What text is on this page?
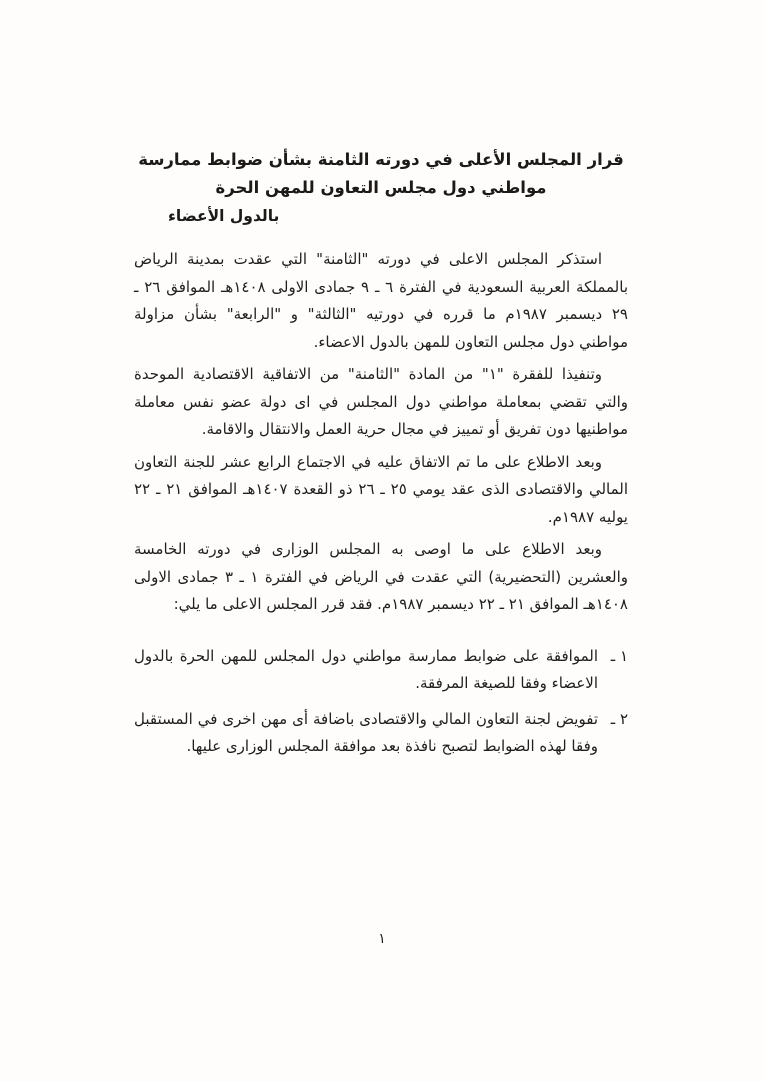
قرار المجلس الأعلى في دورته الثامنة بشأن ضوابط ممارسة
مواطني دول مجلس التعاون للمهن الحرة
بالدول الأعضاء

استذكر المجلس الاعلى في دورته "الثامنة" التي عقدت بمدينة الرياض بالمملكة العربية السعودية في الفترة ٦ ـ ٩ جمادى الاولى ١٤٠٨هـ الموافق ٢٦ ـ ٢٩ ديسمبر ١٩٨٧م ما قرره في دورتيه "الثالثة" و "الرابعة" بشأن مزاولة مواطني دول مجلس التعاون للمهن بالدول الاعضاء.

وتنفيذا للفقرة "١" من المادة "الثامنة" من الاتفاقية الاقتصادية الموحدة والتي تقضي بمعاملة مواطني دول المجلس في اى دولة عضو نفس معاملة مواطنيها دون تفريق أو تمييز في مجال حرية العمل والانتقال والاقامة.

وبعد الاطلاع على ما تم الاتفاق عليه في الاجتماع الرابع عشر للجنة التعاون المالي والاقتصادى الذى عقد يومي ٢٥ ـ ٢٦ ذو القعدة ١٤٠٧هـ الموافق ٢١ ـ ٢٢ يوليه ١٩٨٧م.

وبعد الاطلاع على ما اوصى به المجلس الوزارى في دورته الخامسة والعشرين (التحضيرية) التي عقدت في الرياض في الفترة ١ ـ ٣ جمادى الاولى ١٤٠٨هـ الموافق ٢١ ـ ٢٢ ديسمبر ١٩٨٧م. فقد قرر المجلس الاعلى ما يلي:

١ ـ
الموافقة على ضوابط ممارسة مواطني دول المجلس للمهن الحرة بالدول الاعضاء وفقا للصيغة المرفقة.
٢ ـ
تفويض لجنة التعاون المالي والاقتصادى باضافة أى مهن اخرى في المستقبل وفقا لهذه الضوابط لتصبح نافذة بعد موافقة المجلس الوزارى عليها.
١
